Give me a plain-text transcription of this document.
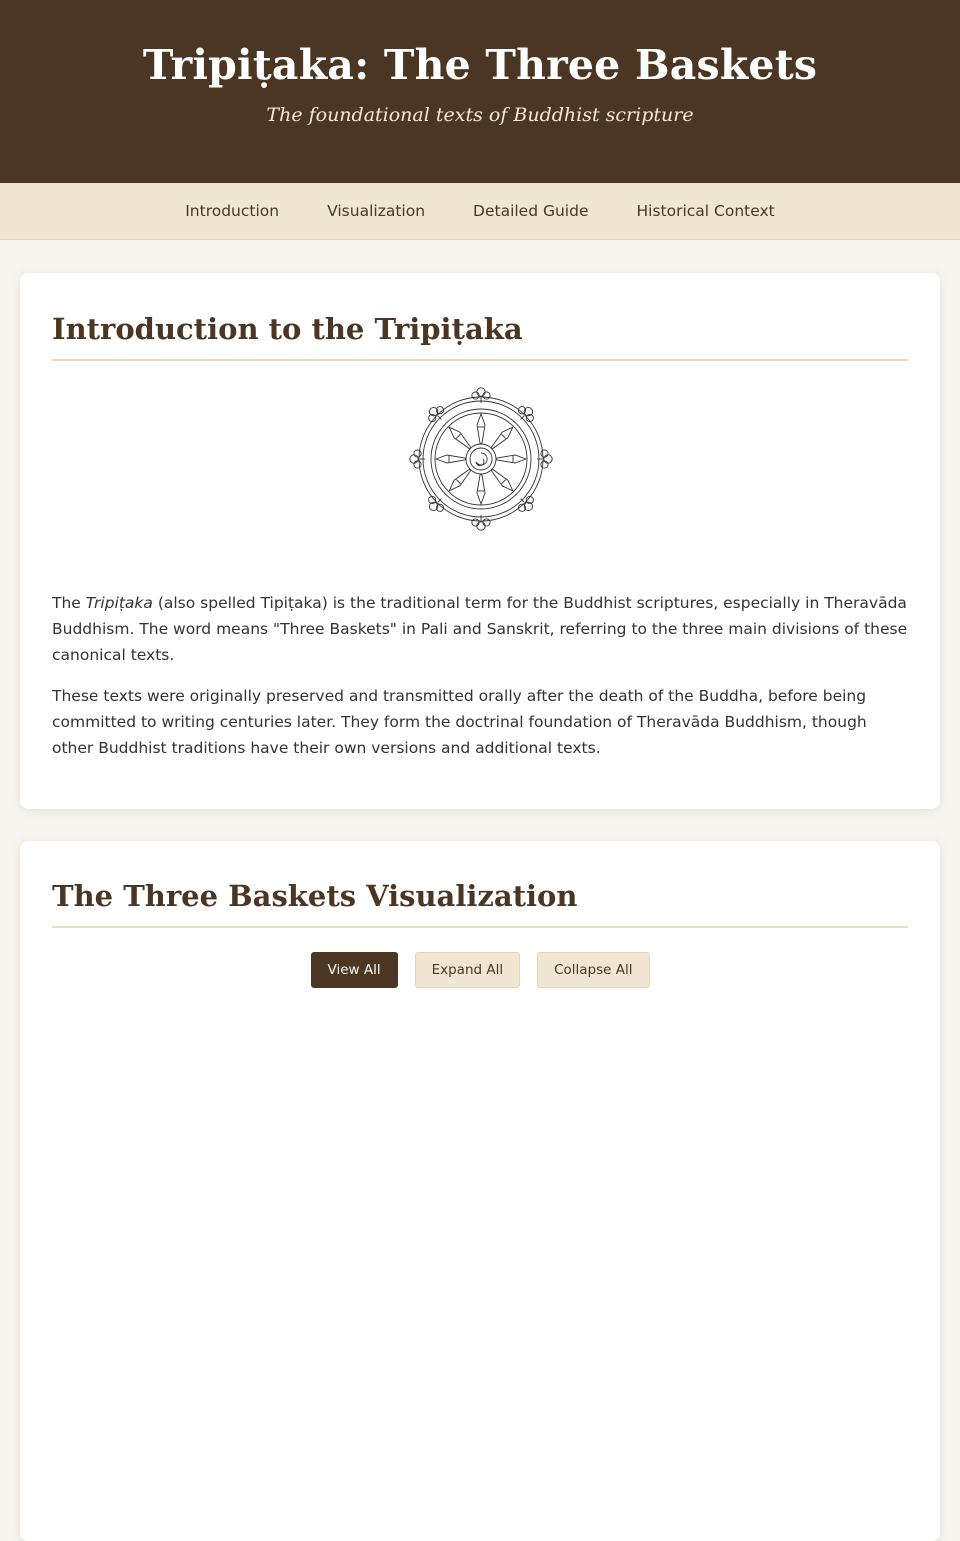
Tripiṭaka: The Three Baskets

The foundational texts of Buddhist scripture

Introduction	Visualization	Detailed Guide	Historical Context
Introduction to the Tripiṭaka

The Tripiṭaka (also spelled Tipiṭaka) is the traditional term for the Buddhist scriptures, especially in Theravāda Buddhism. The word means "Three Baskets" in Pali and Sanskrit, referring to the three main divisions of these canonical texts.

These texts were originally preserved and transmitted orally after the death of the Buddha, before being committed to writing centuries later. They form the doctrinal foundation of Theravāda Buddhism, though other Buddhist traditions have their own versions and additional texts.

The Three Baskets Visualization
View All	Expand All	Collapse All
